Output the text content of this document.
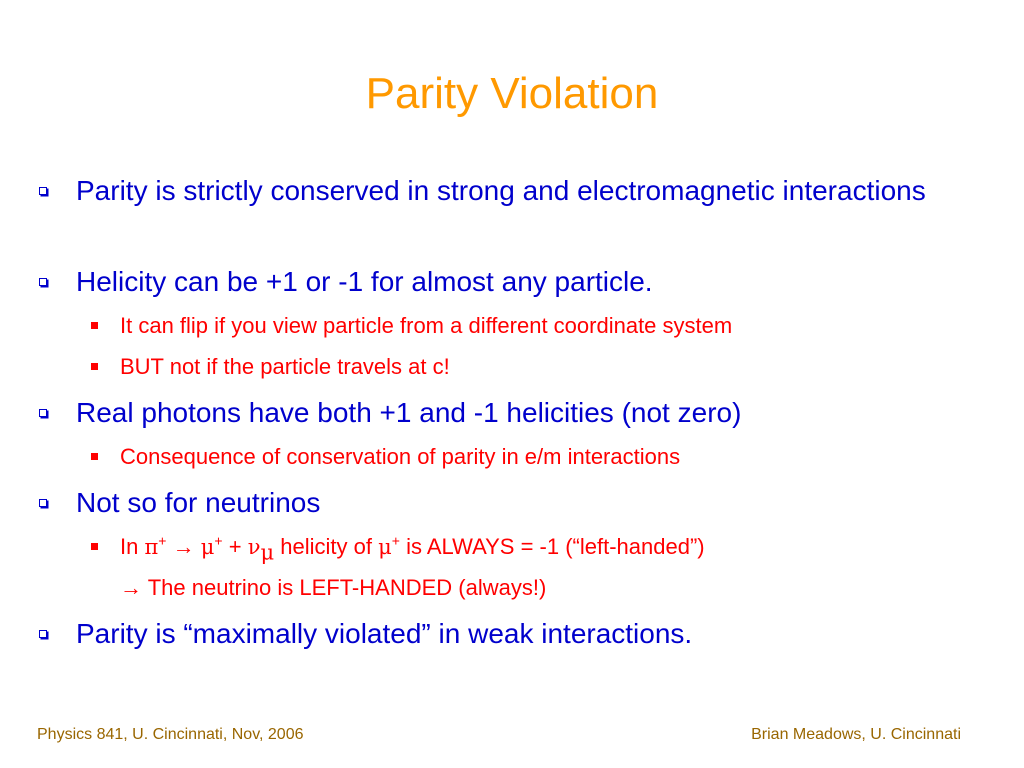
Parity Violation
Parity is strictly conserved in strong and electromagnetic interactions
Helicity can be +1 or -1 for almost any particle.
It can flip if you view particle from a different coordinate system
BUT not if the particle travels at c!
Real photons have both +1 and -1 helicities (not zero)
Consequence of conservation of parity in e/m interactions
Not so for neutrinos
In $\pi^+ \to \mu^+ + \nu_\mu$ helicity of μ+ is ALWAYS = -1 (“left-handed”)
→ The neutrino is LEFT-HANDED (always!)
Parity is “maximally violated” in weak interactions.
Physics 841, U. Cincinnati, Nov, 2006	Brian Meadows, U. Cincinnati
